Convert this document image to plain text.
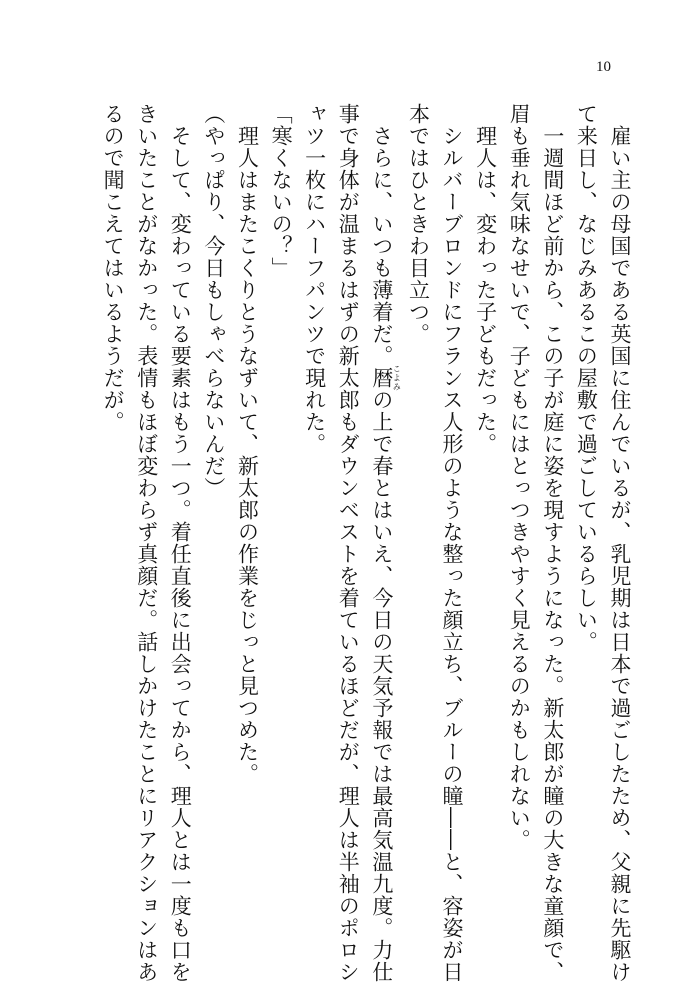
10
　雇い主の母国である英国に住んでいるが、乳児期は日本で過ごしたため、父親に先駆け
て来日し、なじみあるこの屋敷で過ごしているらしい。
　一週間ほど前から、この子が庭に姿を現すようになった。新太郎が瞳の大きな童顔で、
眉も垂れ気味なせいで、子どもにはとっつきやすく見えるのかもしれない。
　理人は、変わった子どもだった。
　シルバーブロンドにフランス人形のような整った顔立ち、ブルーの瞳――と、容姿が日
本ではひときわ目立つ。
　さらに、いつも薄着だ。暦こよみの上で春とはいえ、今日の天気予報では最高気温九度。力仕
事で身体が温まるはずの新太郎もダウンベストを着ているほどだが、理人は半袖のポロシ
ャツ一枚にハーフパンツで現れた。
「寒くないの？」
　理人はまたこくりとうなずいて、新太郎の作業をじっと見つめた。
（やっぱり、今日もしゃべらないんだ）
　そして、変わっている要素はもう一つ。着任直後に出会ってから、理人とは一度も口を
きいたことがなかった。表情もほぼ変わらず真顔だ。話しかけたことにリアクションはあ
るので聞こえてはいるようだが。
